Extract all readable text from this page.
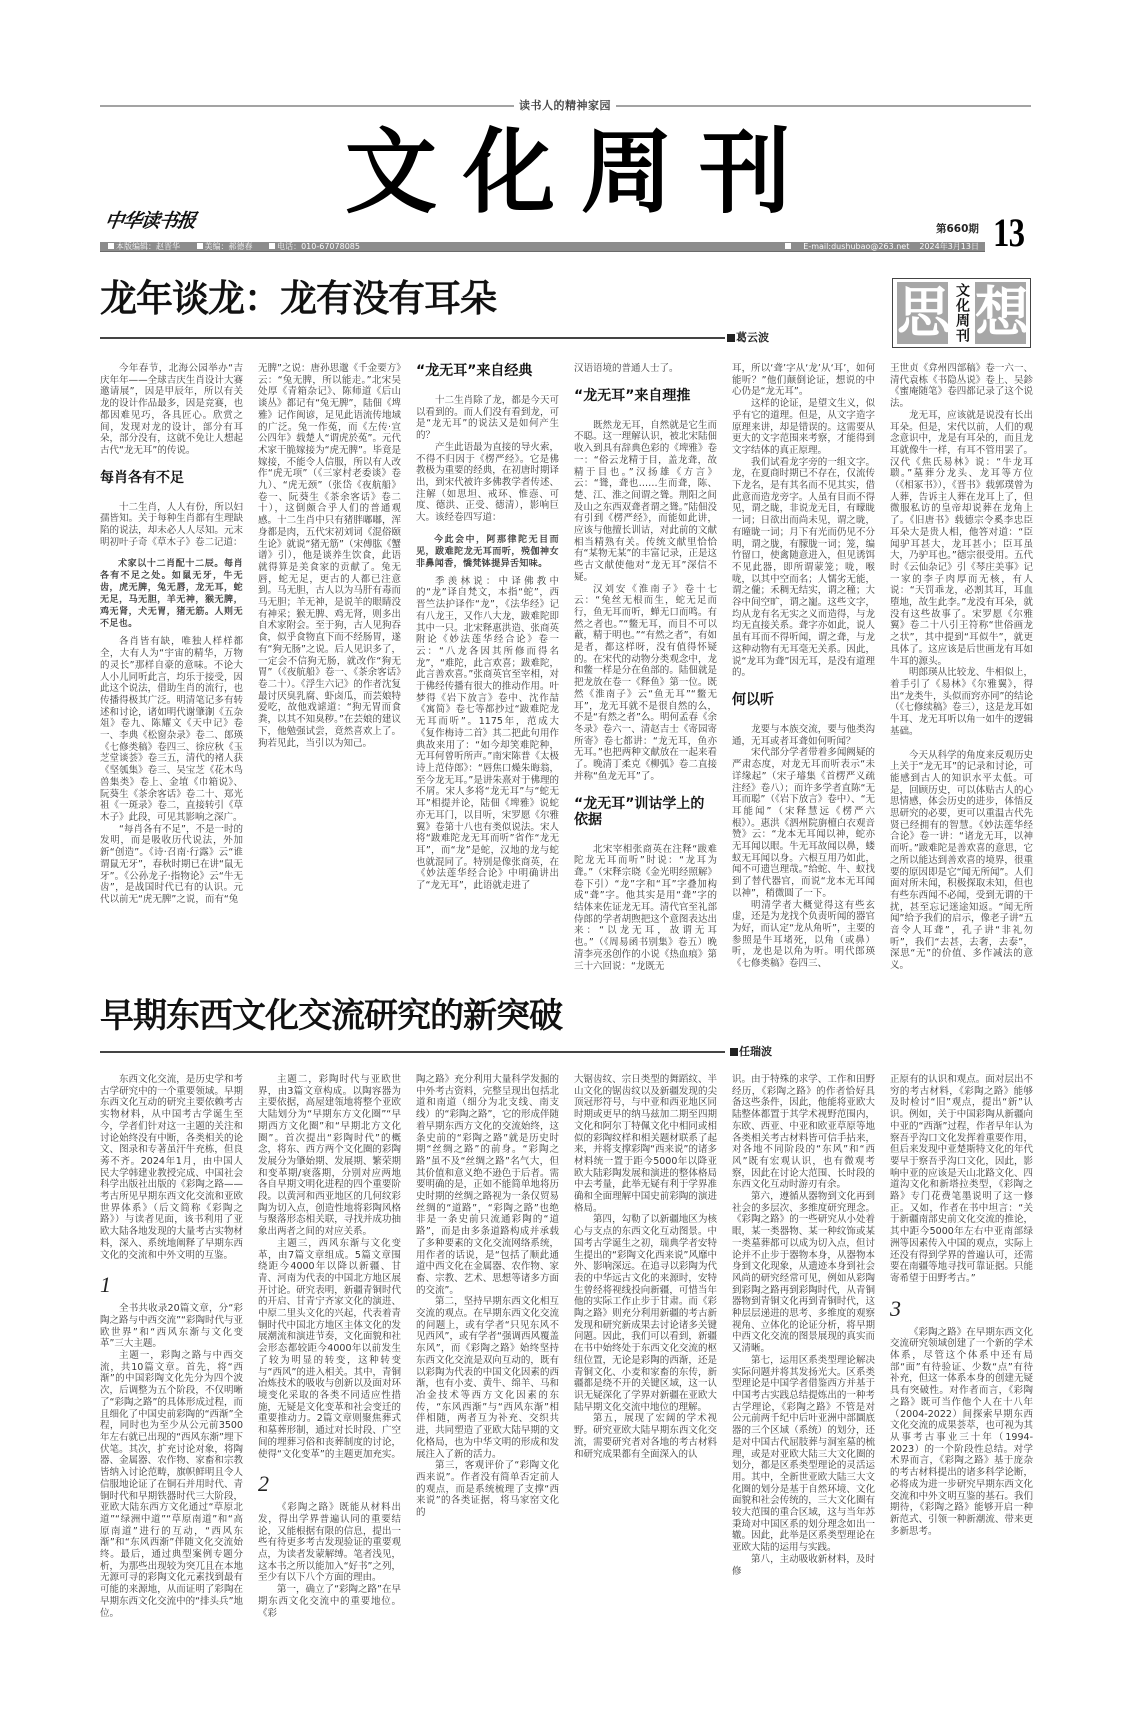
读书人的精神家园
文化周刊
中华读书报	第660期 13
本版编辑：赵晋华	美编：郝德春	电话：010-67078085	E-mail:dushubao@263.net 2024年3月13日
思 文化周刊 想
龙年谈龙：龙有没有耳朵
葛云波
今年春节，北海公园举办“吉庆年年——全球吉庆生肖设计大赛邀请展”，因是甲辰年，所以有关龙的设计作品最多，因是竞赛，也都因难见巧，各具匠心。欣赏之间，发现对龙的设计，部分有耳朵，部分没有，这就不免让人想起古代“龙无耳”的传说。
每肖各有不足
十二生肖，人人有份，所以妇孺皆知。关于每种生肖都有生理缺陷的说法，却未必人人尽知。元末明初叶子奇《草木子》卷二记道：
术家以十二肖配十二辰。每肖各有不足之处。如鼠无牙，牛无齿，虎无脾，兔无唇，龙无耳，蛇无足，马无胆，羊无神，猴无脾，鸡无肾，犬无胃，猪无筋。人则无不足也。
各肖皆有缺，唯独人样样都全，大有人为“宇宙的精华，万物的灵长”那样自豪的意味。不论大人小儿同听此言，均乐于接受，因此这个说法，借助生肖的流行，也传播得极其广泛。明清笔记多有转述和讨论，诸如明代谢肇淛《五杂俎》卷九、陈耀文《天中记》卷一、李典《松窗杂录》卷二、郎瑛《七修类稿》卷四三、徐应秋《玉芝堂谈荟》卷三五，清代的褚人获《坚瓠集》卷三、吴宝芝《花木鸟兽集类》卷上、金埴《巾箱说》、阮葵生《茶余客话》卷二十、郑光祖《一斑录》卷二，直接转引《草木子》此段，可见其影响之深广。
“每肖各有不足”，不是一时的发明，而是吸收历代说法，外加新“创造”。《诗·召南·行露》云“谁谓鼠无牙”，春秋时期已在讲“鼠无牙”。《公孙龙子·指物论》云“牛无齿”，是战国时代已有的认识。元代以前无“虎无脾”之说，而有“兔
无脾”之说：唐孙思邈《千金要方》云：“兔无脾，所以能走。”北宋吴处厚《青箱杂记》、陈师道《后山谈丛》都记有“兔无脾”，陆佃《埤雅》记作闽谚，足见此语流传地域的广泛。兔一作菟，而《左传·宣公四年》载楚人“谓虎於菟”。元代术家干脆嫁接为“虎无脾”。毕竟是嫁接，不能令人信服，所以有人改作“虎无项”（《三家村老委谈》卷九）、“虎无颈”（张岱《夜航船》卷一、阮葵生《茶余客话》卷二十），这倒颇合乎人们的普通观感。十二生肖中只有猪胖嘟嘟，浑身都是肉，五代宋初刘词《混俗颐生论》就说“猪无筋”（宋傅肱《蟹谱》引），他是谈养生饮食，此语就得算是美食家的贡献了。兔无唇，蛇无足，更古的人都已注意到。马无胆，古人以为马肝有毒而马无胆；羊无神，是说羊的眼睛没有神采；猴无脾、鸡无肾，则多出自术家附会。至于狗，古人见狗吞食，似乎食物直下而不经肠胃，遂有“狗无肠”之说。后人见识多了，一定会不信狗无肠，就改作“狗无胃”（《夜航船》卷一、《茶余客话》卷二十）。《浮生六记》的作者沈复最讨厌臭乳腐、虾卤瓜，而芸娘特爱吃，故他戏谑道：“狗无胃而食粪，以其不知臭秽。”在芸娘的建议下，他勉强试尝，竟然喜欢上了。狗若见此，当引以为知己。
“龙无耳”来自经典
十二生肖除了龙，都是今天可以看到的。而人们没有看到龙，可是“龙无耳”的说法又是如何产生的？
产生此语最为直接的导火索，不得不归因于《楞严经》。它是佛教极为重要的经典，在初唐时期译出，到宋代被许多佛教学者传述、注解（如思坦、戒环、惟悫、可度、德洪、正受、德清），影响巨大。该经卷四写道：
今此会中，阿那律陀无目而见，跋难陀龙无耳而听，殑伽神女非鼻闻香，憍梵钵提异舌知味。
季羡林说：中译佛教中的“龙”译自梵文，本指“蛇”，西晋竺法护译作“龙”，《法华经》记有八龙王，又作八大龙，跋难陀即其中一只。北宋释惠洪造、张商英附论《妙法莲华经合论》卷一云：“八龙各因其所修而得名龙”，“难陀，此言欢喜；跋难陀，此言善欢喜。”张商英官至宰相，对于佛经传播有很大的推动作用。叶梦得《岩下放言》卷中、沈作喆《寓简》卷七等都抄过“跋难陀龙无耳而听”。1175年，范成大《复作梅诗二首》其二把此句用作典故来用了：“如今却笑难陀种，无耳何曾听所声。”南宋陈普《太极诗上范侍郎》：“唇焦口燥朱晦翁，至今龙无耳。”是讲朱熹对于佛理的不屑。宋人多将“龙无耳”与“蛇无耳”相提并论，陆佃《埤雅》说蛇亦无耳门，以目听，宋罗愿《尔雅翼》卷第十八也有类似说法。宋人将“跋难陀龙无耳而听”省作“龙无耳”，而“龙”是蛇，汉地的龙与蛇也就混同了。特别是像张商英，在《妙法莲华经合论》中明确讲出了“龙无耳”，此语就走进了
汉语语境的普通人士了。
“龙无耳”来自理推
既然龙无耳，自然就是它生而不聪。这一理解认识，被北宋陆佃收入到具有辞典色彩的《埤雅》卷一：“俗云龙精于目，盖龙聋，故精于目也。”汉扬雄《方言》云：“聳，聋也……生而聋，陈、楚、江、淮之间谓之聳。荆阳之间及山之东西双聋者谓之聳。”陆佃没有引到《楞严经》，而能如此讲，应该与他擅长训诂，对此前的文献相当精熟有关。传统文献里恰恰有“某物无某”的丰富记录，正是这些古文献使他对“龙无耳”深信不疑。
汉刘安《淮南子》卷十七云：“兔丝无根而生，蛇无足而行，鱼无耳而听，蝉无口而鸣。有然之者也。”“鳖无耳，而目不可以蔽，精于明也。”“有然之者”，有如是者，都这样呀，没有值得怀疑的。在宋代的动物分类观念中，龙和鳖一样是分在鱼部的。陆佃就是把龙放在卷一《释鱼》第一位。既然《淮南子》云“鱼无耳”“鳖无耳”，龙无耳就不是很自然的么，不是“有然之者”么。明何孟春《余冬录》卷六一、清赵吉士《寄园寄所寄》卷七都讲：“龙无耳，鱼亦无耳。”也把两种文献放在一起来看了。晚清丁柔克《柳弧》卷二直接并称“鱼龙无耳”了。
“龙无耳”训诂学上的依据
北宋宰相张商英在注释“跋难陀龙无耳而听”时说：“龙耳为聋。”（宋释宗晓《金光明经照解》卷下引）“龙”字和“耳”字叠加构成“聋”字。他其实是用“聋”字的结体来佐证龙无耳。清代官至礼部侍郎的学者胡煦把这个意图表达出来：“以龙无耳，故谓无耳也。”（《周易函书别集》卷五）晚清李亮丞创作的小说《热血痕》第三十六回说：“龙既无
耳，所以‘聋’字从‘龙’从‘耳’，如何能听？”他们颠倒论证，想说的中心仍是“龙无耳”。
这样的论证，是望文生义，似乎有它的道理。但是，从文字造字原理来讲，却是错误的。这需要从更大的文字范围来考察，才能得到文字结体的真正原理。
我们试看龙字旁的一组文字。龙，在夏商时期已不存在，仅流传下龙名，是有其名而不见其实，借此意而造龙旁字。人虽有目而不得见，谓之眬，非说龙无目，有曚眬一词；日欲出而尚未见，谓之昽，有曈昽一词；月下有光而仍见不分明，谓之胧，有朦胧一词；笼，编竹留口，使禽随意进入，但见诱饵不见此器，即所谓蒙笼；咙，喉咙，以其中空而名；人懦劣无能，谓之儱；禾稠无结实，谓之穜；大谷中间空旷，谓之巃。这些文字，均从龙有名无实之义而造得，与龙均无直接关系。聋字亦如此，说人虽有耳而不得听闻，谓之聋，与龙这种动物有无耳毫无关系。因此，说“龙耳为聋”因无耳，是没有道理的。
何以听
龙要与本族交流，要与他类沟通，无耳或者耳聋如何听闻？
宋代部分学者带着多闻阙疑的严肃态度，对龙无耳而听表示“未详缘起”（宋子璿集《首楞严义疏注经》卷八）；而许多学者直陈“无耳而聪”（《岩下放言》卷中）、“无耳能闻”（宋释慧远《楞严六根》）。惠洪《泗州院旃檀白衣观音赞》云：“龙本无耳闻以神，蛇亦无耳闻以眼。牛无耳故闻以鼻，蝼蚁无耳闻以身。六根互用乃如此，闻不可遗岂理哉。”给蛇、牛、蚁找到了替代器官，而说“龙本无耳闻以神”，稍微圆了一下。
明清学者大概觉得这有些玄虚，还是为龙找个负责听闻的器官为好，而认定“龙从角听”，主要的参照是牛耳堵死，以角（或鼻）听，龙也是以角为听。明代郎瑛《七修类稿》卷四三、
王世贞《弇州四部稿》卷一六一、清代袁栋《书隐丛说》卷上、吴鉁《蜜庵随笔》卷四都记录了这个说法。
龙无耳，应该就是说没有长出耳朵。但是，宋代以前，人们的观念意识中，龙是有耳朵的，而且龙耳就像牛一样，有耳不管用罢了。汉代《焦氏易林》说：“牛龙耳聩。”墓葬分龙头、龙耳等方位（《相冢书》），《晋书》载郭璞曾为人葬，告诉主人葬在龙耳上了，但微服私访的皇帝却说葬在龙角上了。《旧唐书》载德宗令奚李忠臣耳朵大是贵人相，他答对道：“臣闻驴耳甚大，龙耳甚小；臣耳虽大，乃驴耳也。”德宗很受用。五代时《云仙杂记》引《琴庄美事》记一家的李子肉厚而无核，有人说：“天罚乖龙，必割其耳，耳血堕地，故生此李。”龙没有耳朵，就没有这些故事了。宋罗愿《尔雅翼》卷二十八引王符称“世俗画龙之状”，其中提到“耳似牛”，就更具体了。这应该是后世画龙有耳如牛耳的源头。
明郎瑛从比较龙、牛相似上，着手引了《易林》《尔雅翼》，得出“龙类牛，头似而窍亦同”的结论（《七修续稿》卷三），这是龙耳如牛耳、龙无耳听以角一如牛的逻辑基础。
今天从科学的角度来反观历史上关于“龙无耳”的记录和讨论，可能感到古人的知识水平太低。可是，回顾历史，可以体贴古人的心思情感，体会历史的进步，体悟反思研究的必要，更可以重温古代先贤已经拥有的智慧。《妙法莲华经合论》卷一讲：“诸龙无耳，以神而听。”跋难陀是善欢喜的意思，它之所以能达到善欢喜的境界，很重要的原因即是它“闻无所闻”。人们面对所未闻，积极探取未知，但也有些东西闻不必闻，受到无谓的干扰，甚至忘记迷途知返。“闻无所闻”给予我们的启示，像老子讲“五音令人耳聋”，孔子讲“非礼勿听”，我们“去甚，去奢，去泰”，深思“无”的价值、多作减法的意义。
早期东西文化交流研究的新突破
任瑞波
东西文化交流，是历史学和考古学研究中的一个重要领域。早期东西文化互动的研究主要依赖考古实物材料，从中国考古学诞生至今，学者们针对这一主题的关注和讨论始终没有中断，各类相关的论文、图录和专著虽汗牛充栋，但良莠不齐。2024年1月，由中国人民大学韩建业教授完成、中国社会科学出版社出版的《彩陶之路——考古所见早期东西文化交流和亚欧世界体系》（后文简称《彩陶之路》）与读者见面，该书利用了亚欧大陆各地发现的大量考古实物材料，深入、系统地阐释了早期东西文化的交流和中外文明的互鉴。
1
全书共收录20篇文章，分“彩陶之路与中西交流”“彩陶时代与亚欧世界”和“西风东渐与文化变革”三大主题。
主题一，彩陶之路与中西交流，共10篇文章。首先，将“西渐”的中国彩陶文化先分为四个波次，后调整为五个阶段，不仅明晰了“彩陶之路”的具体形成过程，而且细化了中国史前彩陶的“西渐”全程，同时也为至少从公元前3500年左右就已出现的“西风东渐”埋下伏笔。其次，扩充讨论对象，将陶器、金属器、农作物、家畜和宗教皆纳入讨论范畴，旗帜鲜明且令人信服地论证了在铜石并用时代、青铜时代和早期铁器时代三大阶段，亚欧大陆东西方文化通过“草原北道”“绿洲中道”“草原南道”和“高原南道”进行的互动，“西风东渐”和“东风西渐”伴随文化交流始终。最后，通过典型案例专题分析，为那些出现较为突兀且在本地无源可寻的彩陶文化元素找到最有可能的来源地，从而证明了彩陶在早期东西文化交流中的“排头兵”地位。
主题二，彩陶时代与亚欧世界，由3篇文章构成。以陶容器为主要依据，高屋建瓴地将整个亚欧大陆划分为“早期东方文化圈”“早期西方文化圈”和“早期北方文化圈”。首次提出“彩陶时代”的概念，将东、西方两个文化圈的彩陶发展分为肇始期、发展期、繁荣期和变革期/衰落期，分别对应两地各自早期文明化进程的四个重要阶段。以黄河和西亚地区的几何纹彩陶为切入点，创造性地将彩陶风格与聚落形态相关联，寻找并成功抽象出两者之间的对应关系。
主题三，西风东渐与文化变革，由7篇文章组成。5篇文章围绕距今4000年以降以新疆、甘青、河南为代表的中国北方地区展开讨论。研究表明，新疆青铜时代的开启、甘青宁齐家文化的演进、中原二里头文化的兴起，代表着青铜时代中国北方地区主体文化的发展潮流和演进节奏，文化面貌和社会形态都较距今4000年以前发生了较为明显的转变，这种转变与“西风”的进入相关。其中，青铜冶炼技术的吸收与创新以及面对环境变化采取的各类不同适应性措施，无疑是文化变革和社会变迁的重要推动力。2篇文章则聚焦葬式和墓葬形制，通过对长时段、广空间的埋葬习俗和丧葬制度的讨论，使得“文化变革”的主题更加充实。
2
《彩陶之路》既能从材料出发，得出学界普遍认同的重要结论，又能根据有限的信息，提出一些有待更多考古发现验证的重要观点，为读者发蒙解缚。笔者浅见，这本书之所以能加入“好书”之列，至少有以下八个方面的理由。
第一，确立了“彩陶之路”在早期东西文化交流中的重要地位。《彩
陶之路》充分利用大量科学发掘的中外考古资料，完整呈现出包括北道和南道（细分为北支线、南支线）的“彩陶之路”，它的形成伴随着早期东西方文化的交流始终，这条史前的“彩陶之路”就是历史时期“丝绸之路”的前身。“彩陶之路”虽不及“丝绸之路”名气大，但其价值和意义绝不逊色于后者。需要明确的是，正如不能简单地将历史时期的丝绸之路视为一条仅贸易丝绸的“道路”，“彩陶之路”也绝非是一条史前只流通彩陶的“道路”，而是由多条道路构成并承载了多种要素的文化交流网络系统，用作者的话说，是“包括了顺此通道中西文化在金属器、农作物、家畜、宗教、艺术、思想等诸多方面的交流”。
第二，坚持早期东西文化相互交流的观点。在早期东西文化交流的问题上，或有学者“只见东风不见西风”，或有学者“强调西风覆盖东风”，而《彩陶之路》始终坚持东西文化交流是双向互动的，既有以彩陶为代表的中国文化因素的西渐，也有小麦、黄牛、绵羊、马和冶金技术等西方文化因素的东传，“东风西渐”与“西风东渐”相伴相随，两者互为补充、交织共进，共同塑造了亚欧大陆早期的文化格局，也为中华文明的形成和发展注入了新的活力。
第三，客观评价了“彩陶文化西来说”。作者没有简单否定前人的观点，而是系统梳理了支撑“西来说”的各类证据，将马家窑文化的
大锯齿纹、宗日类型的舞蹈纹、半山文化的锯齿纹以及新疆发现的尖顶冠形符号，与中亚和西亚地区同时期或更早的纳马兹加二期至四期文化和阿尔丁特佩文化中相同或相似的彩陶纹样和相关题材联系了起来，并将支撑彩陶“西来说”的诸多材料统一置于距今5000年以降亚欧大陆彩陶发展和演进的整体格局中去考量，此举无疑有利于学界准确和全面理解中国史前彩陶的演进格局。
第四，勾勒了以新疆地区为核心与支点的东西文化互动图景。中国考古学诞生之初，瑞典学者安特生提出的“彩陶文化西来说”风靡中外、影响深远。在追寻以彩陶为代表的中华远古文化的来源时，安特生曾经将视线投向新疆，可惜当年他的实际工作止步于甘肃。而《彩陶之路》则充分利用新疆的考古新发现和研究新成果去讨论诸多关键问题。因此，我们可以看到，新疆在书中始终处于东西文化交流的枢纽位置，无论是彩陶的西渐，还是青铜文化、小麦和家畜的东传，新疆都是绕不开的关键区域，这一认识无疑深化了学界对新疆在亚欧大陆早期文化交流中地位的理解。
第五，展现了宏阔的学术视野。研究亚欧大陆早期东西文化交流，需要研究者对各地的考古材料和研究成果都有全面深入的认
识。由于特殊的求学、工作和田野经历，《彩陶之路》的作者恰好具备这些条件，因此，他能将亚欧大陆整体都置于其学术视野范围内，东欧、西亚、中亚和欧亚草原等地各类相关考古材料皆可信手拈来，对各地不同阶段的“东风”和“西风”既有宏观认识，也有微观考察，因此在讨论大范围、长时段的东西文化互动时游刃有余。
第六，遵循从器物到文化再到社会的多层次、多维度研究理念。《彩陶之路》的一些研究从小处着眼，某一类器物、某一种纹饰或某一类墓葬都可以成为切入点，但讨论并不止步于器物本身，从器物本身到文化现象，从遗迹本身到社会风尚的研究经常可见，例如从彩陶到彩陶之路再到彩陶时代，从青铜器物到青铜文化再到青铜时代，这种层层递进的思考、多维度的观察视角、立体化的论证分析，将早期中西文化交流的图景展现的真实而又清晰。
第七，运用区系类型理论解决实际问题并将其发扬光大。区系类型理论是中国学者借鉴西方并基于中国考古实践总结提炼出的一种考古学理论，《彩陶之路》不管是对公元前两千纪中后叶亚洲中部圜底器的三个区域（系统）的划分，还是对中国古代屈肢葬与洞室墓的梳理，或是对亚欧大陆三大文化圈的划分，都是区系类型理论的灵活运用。其中，全新世亚欧大陆三大文化圈的划分是基于自然环境、文化面貌和社会传统的，三大文化圈有较大范围的重合区域，这与当年苏秉琦对中国区系的划分理念如出一辙。因此，此举是区系类型理论在亚欧大陆的运用与实践。
第八，主动吸收新材料，及时修
正原有的认识和观点。面对层出不穷的考古材料，《彩陶之路》能够及时检讨“旧”观点，提出“新”认识。例如，关于中国彩陶从新疆向中亚的“西渐”过程，作者早年认为察吾乎沟口文化发挥着重要作用，但后来发现中亚楚斯特文化的年代要早于察吾乎沟口文化，因此，影响中亚的应该是天山北路文化、四道沟文化和新塔拉类型，《彩陶之路》专门花费笔墨说明了这一修正。又如，作者在书中坦言：“关于新疆南部史前文化交流的推论，其中距今5000年左右中亚南部绿洲等因素传入中国的观点，实际上还没有得到学界的普遍认可，还需要在南疆等地寻找可靠证据。只能寄希望于田野考古。”
3
《彩陶之路》在早期东西文化交流研究领域创建了一个新的学术体系，尽管这个体系中还有局部“面”有待验证、少数“点”有待补充，但这一体系本身的创建无疑具有突破性。对作者而言，《彩陶之路》既可当作他个人在十八年（2004-2022）间探索早期东西文化交流的成果荟萃，也可视为其从事考古事业三十年（1994-2023）的一个阶段性总结。对学术界而言，《彩陶之路》基于庞杂的考古材料提出的诸多科学论断，必将成为进一步研究早期东西文化交流和中外文明互鉴的基石。我们期待，《彩陶之路》能够开启一种新范式、引领一种新潮流、带来更多新思考。
